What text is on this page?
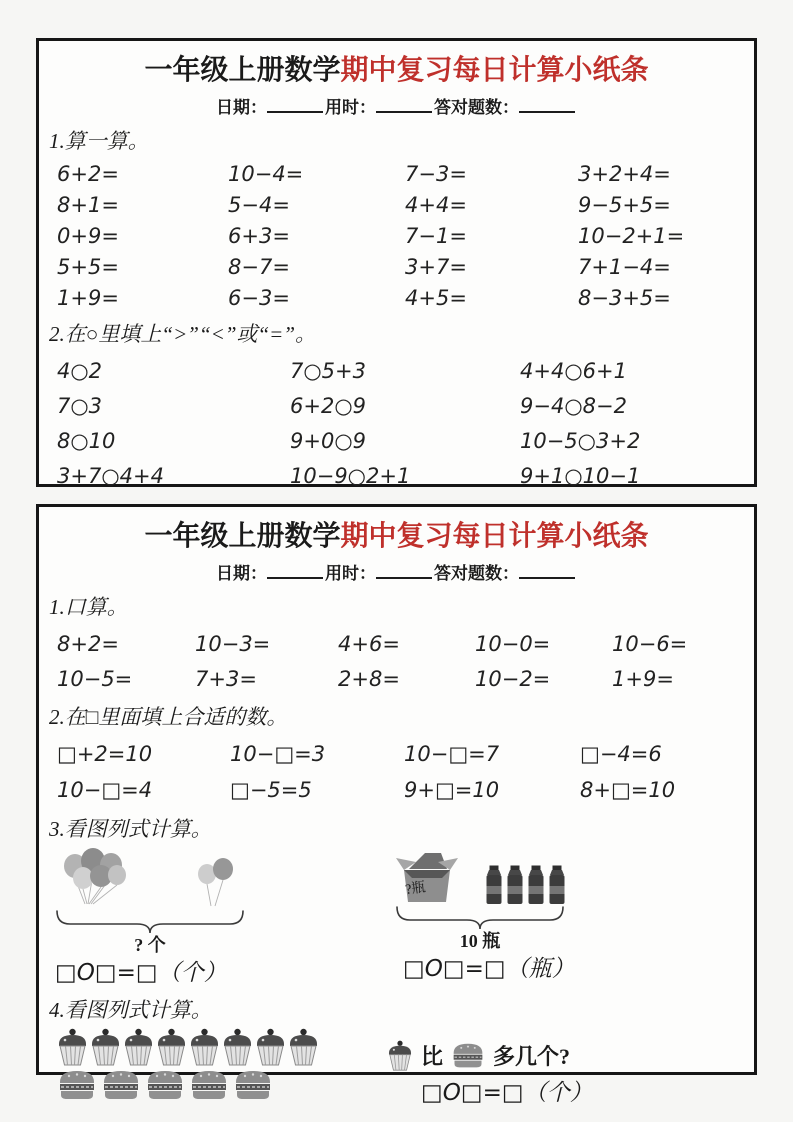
一年级上册数学期中复习每日计算小纸条
日期：	用时：	答对题数：
1.算一算。
6+2=	10−4=	7−3=	3+2+4=
8+1=	5−4=	4+4=	9−5+5=
0+9=	6+3=	7−1=	10−2+1=
5+5=	8−7=	3+7=	7+1−4=
1+9=	6−3=	4+5=	8−3+5=
2.在○里填上“>”“<”或“=”。
4○2	7○5+3	4+4○6+1
7○3	6+2○9	9−4○8−2
8○10	9+0○9	10−5○3+2
3+7○4+4	10−9○2+1	9+1○10−1
一年级上册数学期中复习每日计算小纸条
日期：	用时：	答对题数：
1.口算。
8+2=	10−3=	4+6=	10−0=	10−6=
10−5=	7+3=	2+8=	10−2=	1+9=
2.在□里面填上合适的数。
□+2=10	10−□=3	10−□=7	□−4=6
10−□=4	□−5=5	9+□=10	8+□=10
3.看图列式计算。
? 个
□O□=□（个）
?瓶
10 瓶
□O□=□（瓶）
4.看图列式计算。
比 多几个?
□O□=□（个）
